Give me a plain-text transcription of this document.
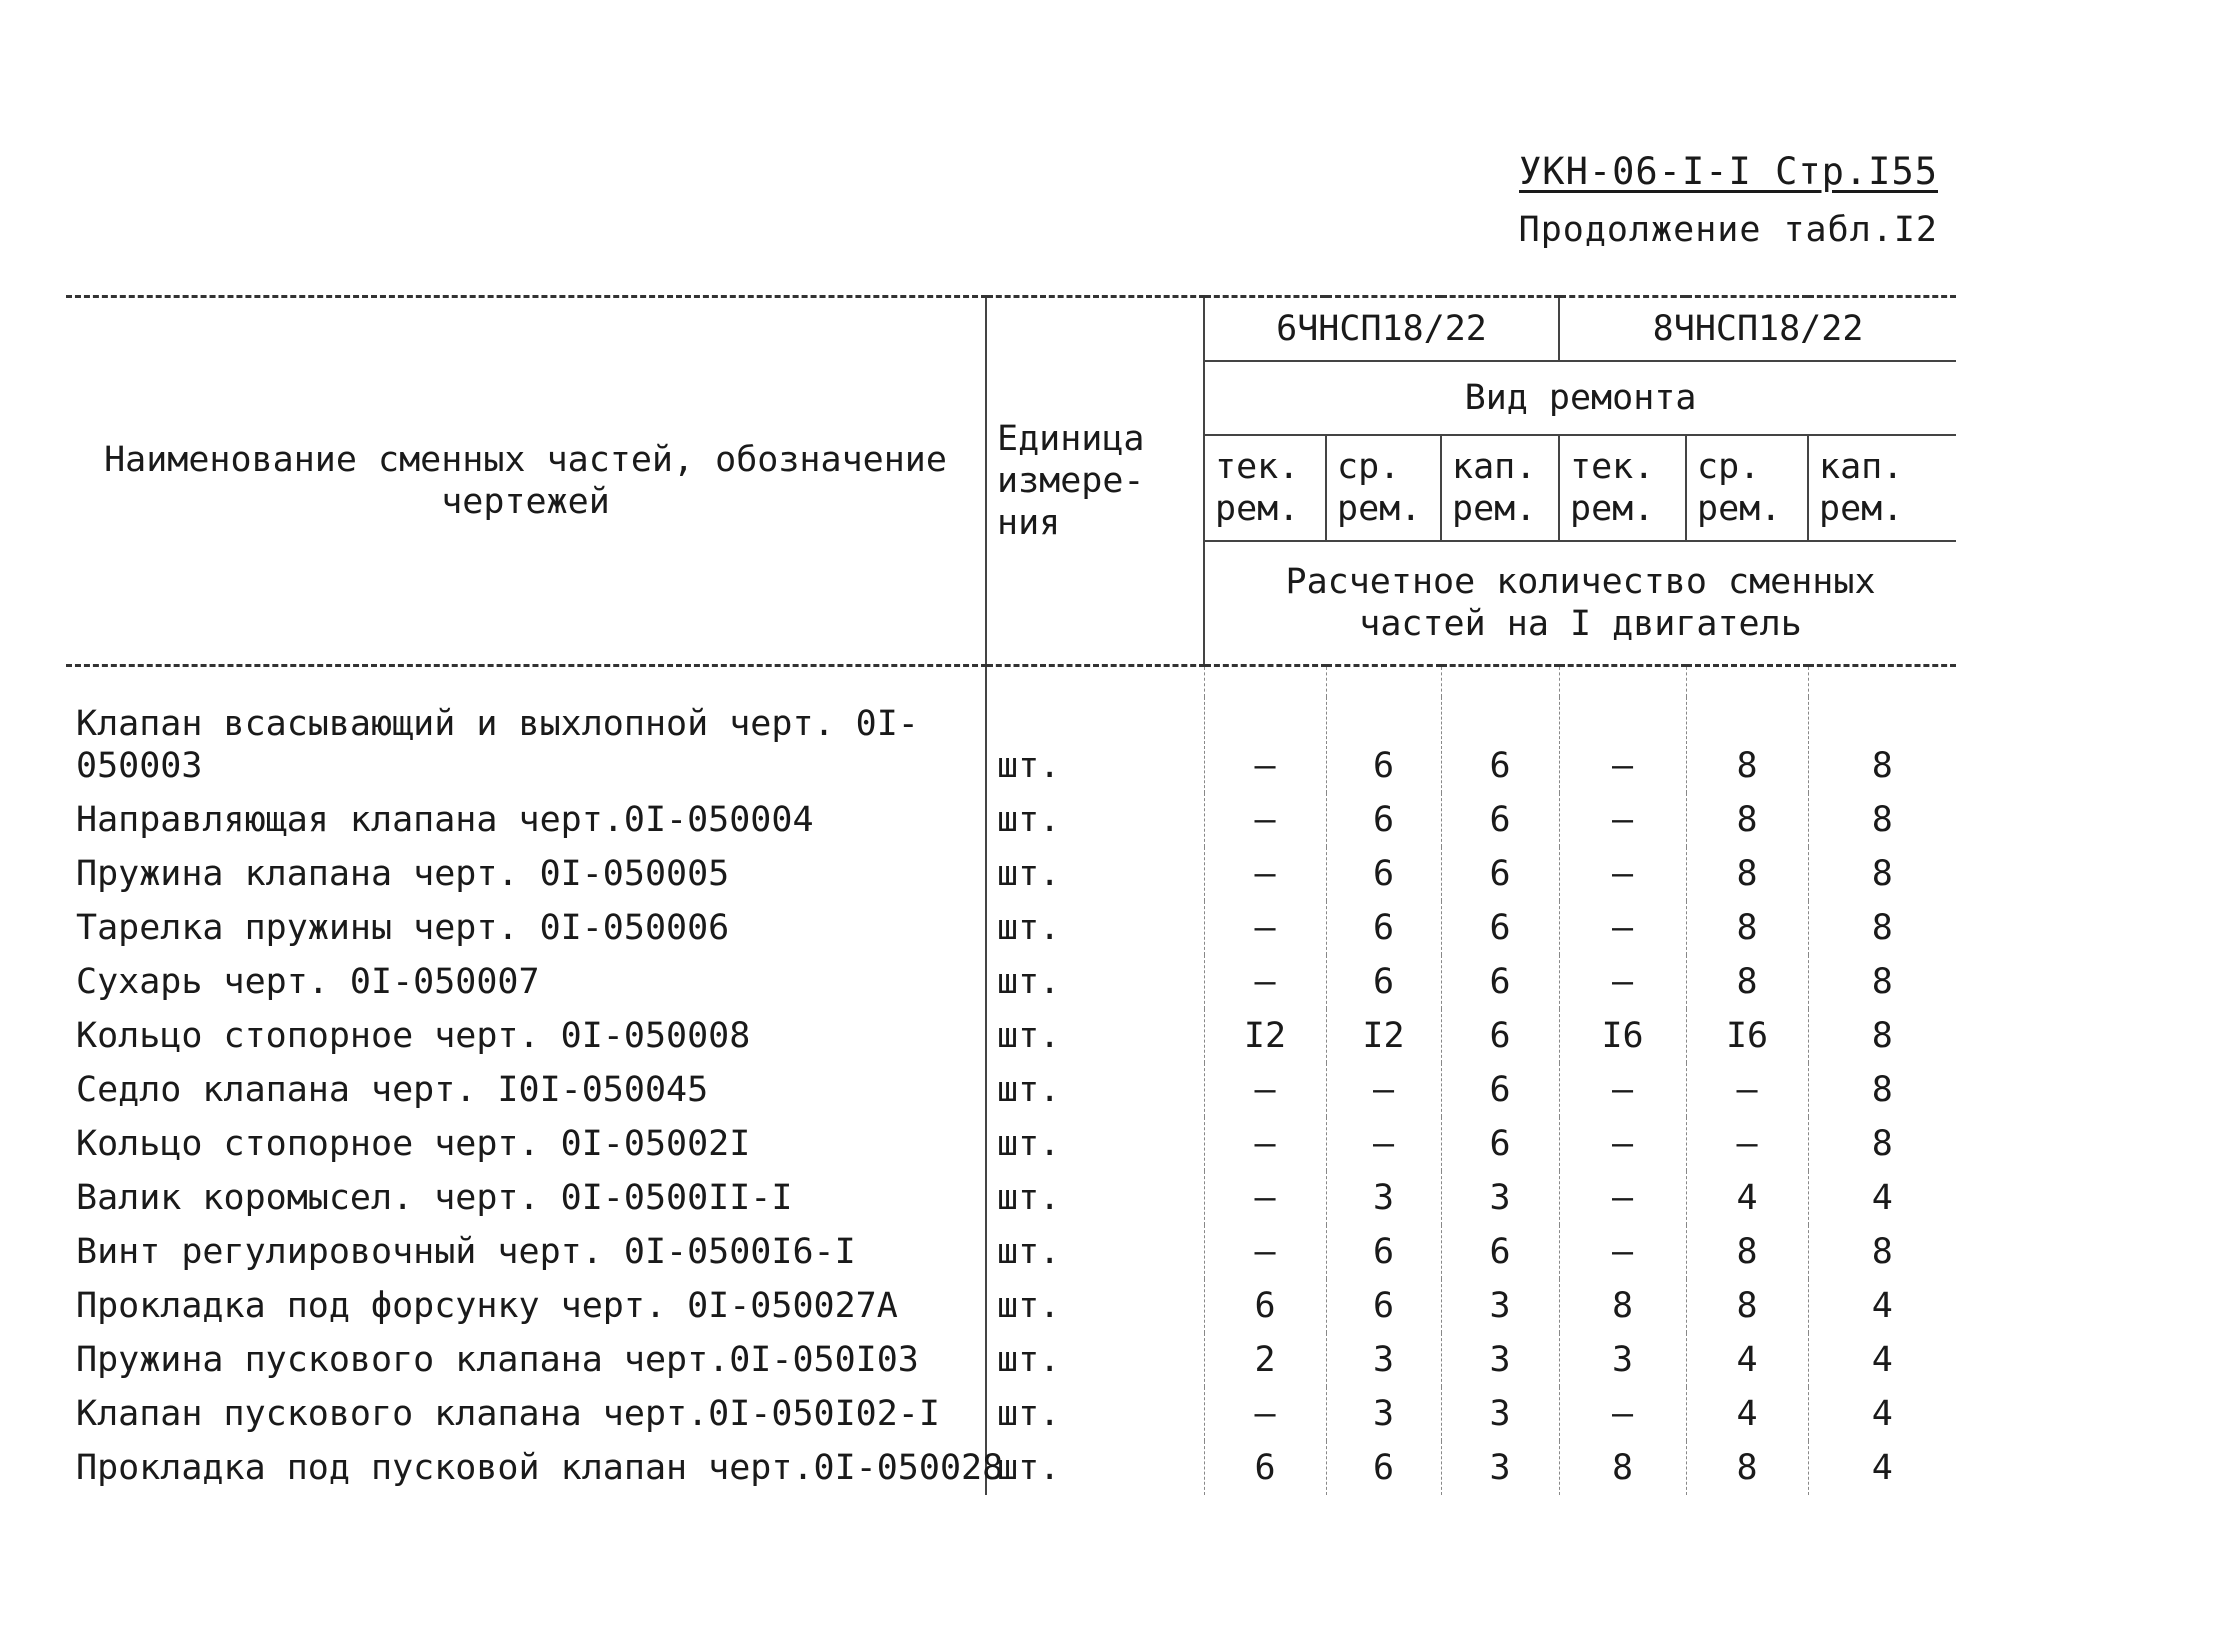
УКН-06-I-I Стр.I55
Продолжение табл.I2
Наименование сменных частей, обозначение чертежей	Единица измере- ния	6ЧНСП18/22			8ЧНСП18/22		
		Вид ремонта					
		тек. рем.	ср. рем.	кап. рем.	тек. рем.	ср. рем.	кап. рем.
		Расчетное количество сменных частей на I двигатель					

Клапан всасывающий и выхлопной черт. 0I-050003	шт.	–	6	6	–	8	8
Направляющая клапана черт.0I-050004	шт.	–	6	6	–	8	8
Пружина клапана черт. 0I-050005	шт.	–	6	6	–	8	8
Тарелка пружины черт. 0I-050006	шт.	–	6	6	–	8	8
Сухарь черт. 0I-050007	шт.	–	6	6	–	8	8
Кольцо стопорное черт. 0I-050008	шт.	I2	I2	6	I6	I6	8
Седло клапана черт. I0I-050045	шт.	–	–	6	–	–	8
Кольцо стопорное черт. 0I-05002I	шт.	–	–	6	–	–	8
Валик коромысел. черт. 0I-0500II-I	шт.	–	3	3	–	4	4
Винт регулировочный черт. 0I-0500I6-I	шт.	–	6	6	–	8	8
Прокладка под форсунку черт. 0I-050027А	шт.	6	6	3	8	8	4
Пружина пускового клапана черт.0I-050I03	шт.	2	3	3	3	4	4
Клапан пускового клапана черт.0I-050I02-I	шт.	–	3	3	–	4	4
Прокладка под пусковой клапан черт.0I-050028	шт.	6	6	3	8	8	4
